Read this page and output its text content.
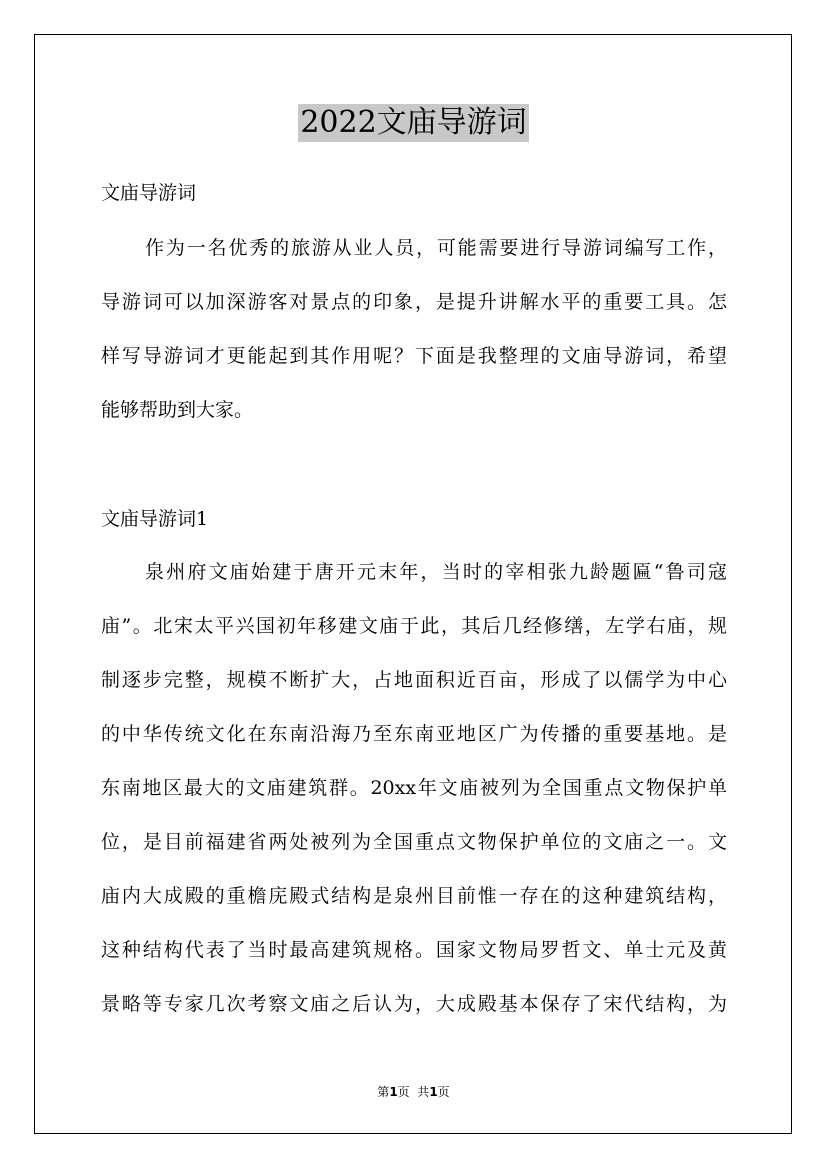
2022文庙导游词
文庙导游词
作为一名优秀的旅游从业人员，可能需要进行导游词编写工作，
导游词可以加深游客对景点的印象，是提升讲解水平的重要工具。怎
样写导游词才更能起到其作用呢？下面是我整理的文庙导游词，希望
能够帮助到大家。
文庙导游词1
泉州府文庙始建于唐开元末年，当时的宰相张九龄题匾“鲁司寇
庙”。北宋太平兴国初年移建文庙于此，其后几经修缮，左学右庙，规
制逐步完整，规模不断扩大，占地面积近百亩，形成了以儒学为中心
的中华传统文化在东南沿海乃至东南亚地区广为传播的重要基地。是
东南地区最大的文庙建筑群。20xx年文庙被列为全国重点文物保护单
位，是目前福建省两处被列为全国重点文物保护单位的文庙之一。文
庙内大成殿的重檐庑殿式结构是泉州目前惟一存在的这种建筑结构，
这种结构代表了当时最高建筑规格。国家文物局罗哲文、单士元及黄
景略等专家几次考察文庙之后认为，大成殿基本保存了宋代结构，为
第1页  共1页
